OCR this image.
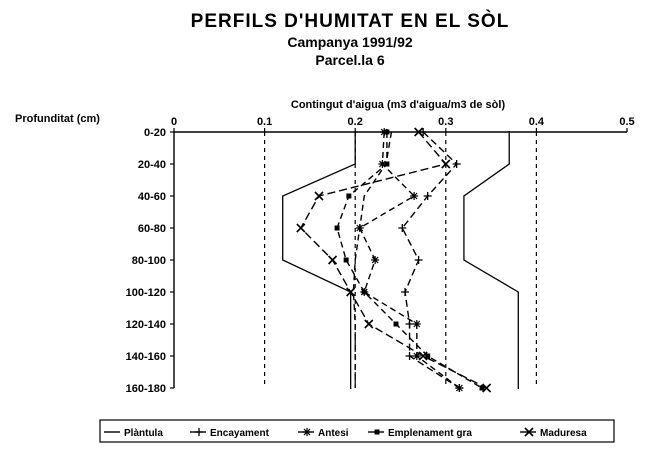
PERFILS D'HUMITAT EN EL SÒL
Campanya 1991/92
Parcel.la 6
Contingut d'aigua (m3 d'aigua/m3 de sòl)
Profunditat (cm)	0	0.1	0.2	0.3	0.4	0.5
0-20
20-40
40-60
60-80
80-100
100-120
120-140
140-160
160-180
Plàntula	Encayament	Antesi	Emplenament gra	Maduresa
